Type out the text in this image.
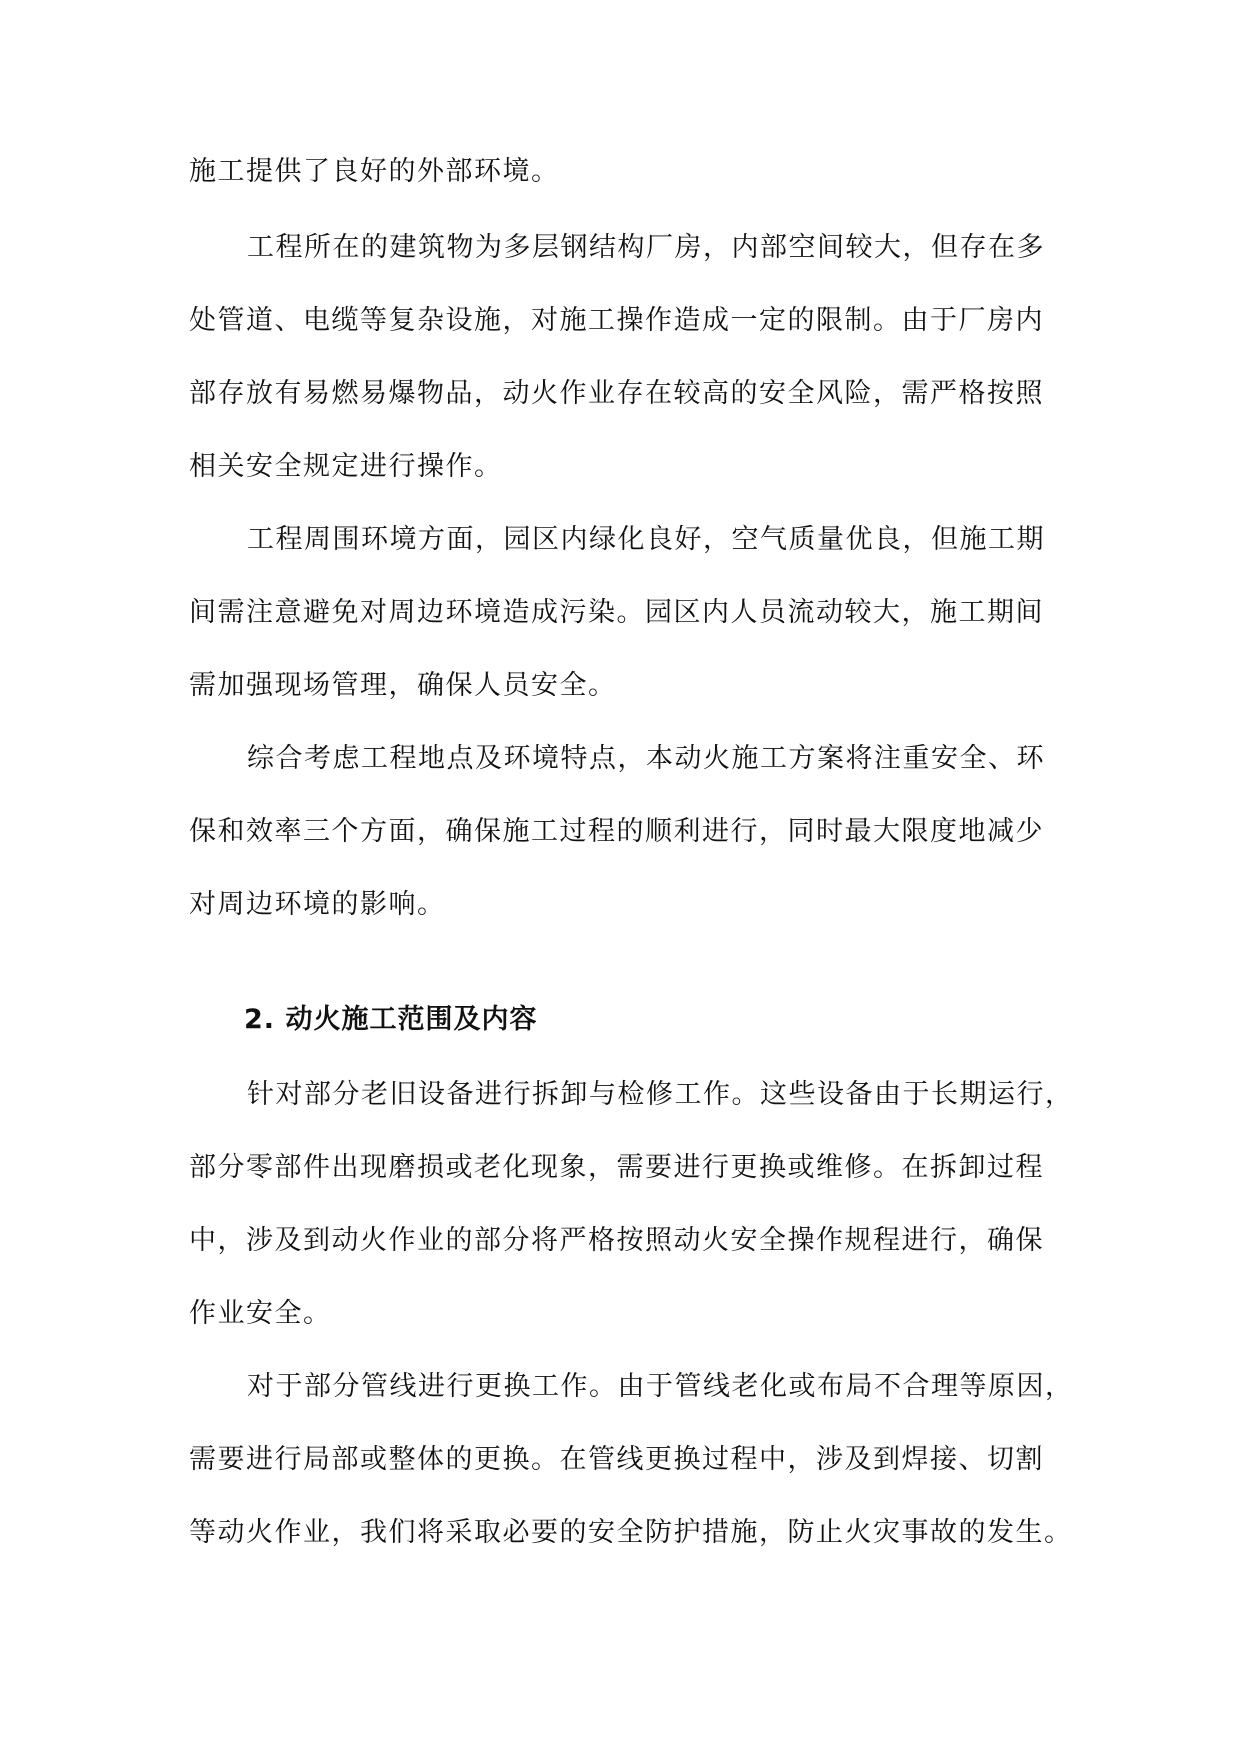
施工提供了良好的外部环境。
工程所在的建筑物为多层钢结构厂房，内部空间较大，但存在多
处管道、电缆等复杂设施，对施工操作造成一定的限制。由于厂房内
部存放有易燃易爆物品，动火作业存在较高的安全风险，需严格按照
相关安全规定进行操作。
工程周围环境方面，园区内绿化良好，空气质量优良，但施工期
间需注意避免对周边环境造成污染。园区内人员流动较大，施工期间
需加强现场管理，确保人员安全。
综合考虑工程地点及环境特点，本动火施工方案将注重安全、环
保和效率三个方面，确保施工过程的顺利进行，同时最大限度地减少
对周边环境的影响。
2. 动火施工范围及内容
针对部分老旧设备进行拆卸与检修工作。这些设备由于长期运行，
部分零部件出现磨损或老化现象，需要进行更换或维修。在拆卸过程
中，涉及到动火作业的部分将严格按照动火安全操作规程进行，确保
作业安全。
对于部分管线进行更换工作。由于管线老化或布局不合理等原因，
需要进行局部或整体的更换。在管线更换过程中，涉及到焊接、切割
等动火作业，我们将采取必要的安全防护措施，防止火灾事故的发生。
